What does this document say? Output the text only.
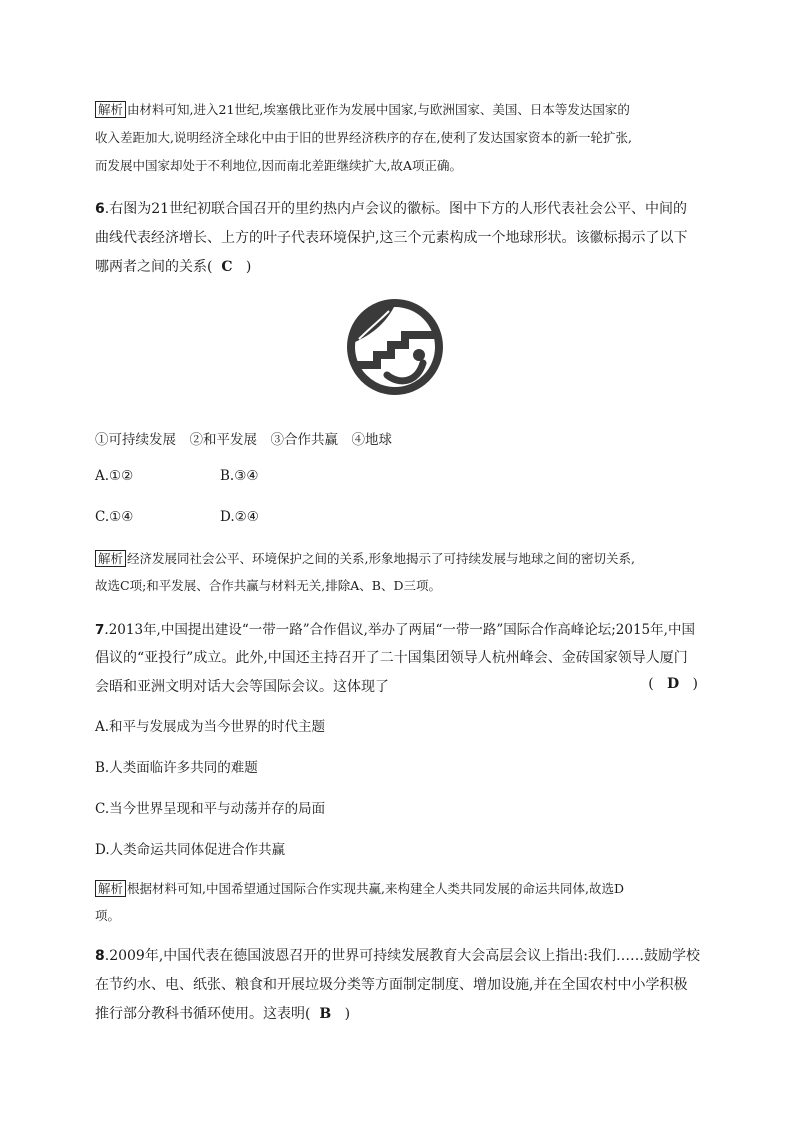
解析 由材料可知,进入21世纪,埃塞俄比亚作为发展中国家,与欧洲国家、美国、日本等发达国家的
收入差距加大,说明经济全球化中由于旧的世界经济秩序的存在,使利了发达国家资本的新一轮扩张,
而发展中国家却处于不利地位,因而南北差距继续扩大,故A项正确。
6.右图为21世纪初联合国召开的里约热内卢会议的徽标。图中下方的人形代表社会公平、中间的
曲线代表经济增长、上方的叶子代表环境保护,这三个元素构成一个地球形状。该徽标揭示了以下
哪两者之间的关系( C )
①可持续发展　②和平发展　③合作共赢　④地球
A.①②	B.③④
C.①④	D.②④
解析 经济发展同社会公平、环境保护之间的关系,形象地揭示了可持续发展与地球之间的密切关系,
故选C项;和平发展、合作共赢与材料无关,排除A、B、D三项。
7.2013年,中国提出建设“一带一路”合作倡议,举办了两届“一带一路”国际合作高峰论坛;2015年,中国
倡议的“亚投行”成立。此外,中国还主持召开了二十国集团领导人杭州峰会、金砖国家领导人厦门
会晤和亚洲文明对话大会等国际会议。这体现了	( D )
A.和平与发展成为当今世界的时代主题
B.人类面临许多共同的难题
C.当今世界呈现和平与动荡并存的局面
D.人类命运共同体促进合作共赢
解析 根据材料可知,中国希望通过国际合作实现共赢,来构建全人类共同发展的命运共同体,故选D
项。
8.2009年,中国代表在德国波恩召开的世界可持续发展教育大会高层会议上指出:我们……鼓励学校
在节约水、电、纸张、粮食和开展垃圾分类等方面制定制度、增加设施,并在全国农村中小学积极
推行部分教科书循环使用。这表明( B )
